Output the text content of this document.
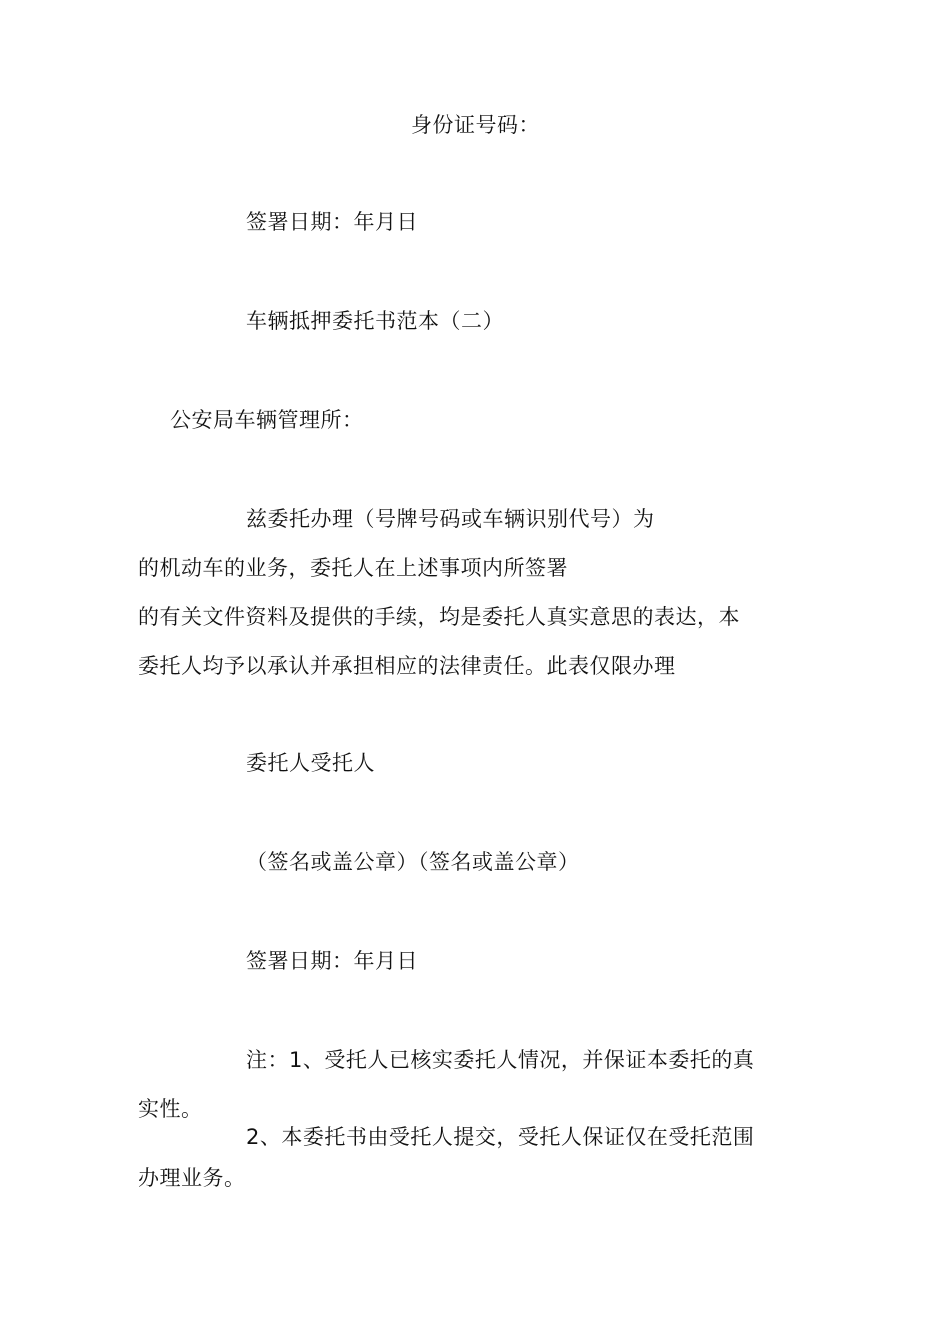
身份证号码：
签署日期：年月日
车辆抵押委托书范本（二）
公安局车辆管理所：
兹委托办理（号牌号码或车辆识别代号）为
的机动车的业务，委托人在上述事项内所签署
的有关文件资料及提供的手续，均是委托人真实意思的表达，本
委托人均予以承认并承担相应的法律责任。此表仅限办理
委托人受托人
（签名或盖公章）（签名或盖公章）
签署日期：年月日
注：1、受托人已核实委托人情况，并保证本委托的真
实性。
2、本委托书由受托人提交，受托人保证仅在受托范围
办理业务。
